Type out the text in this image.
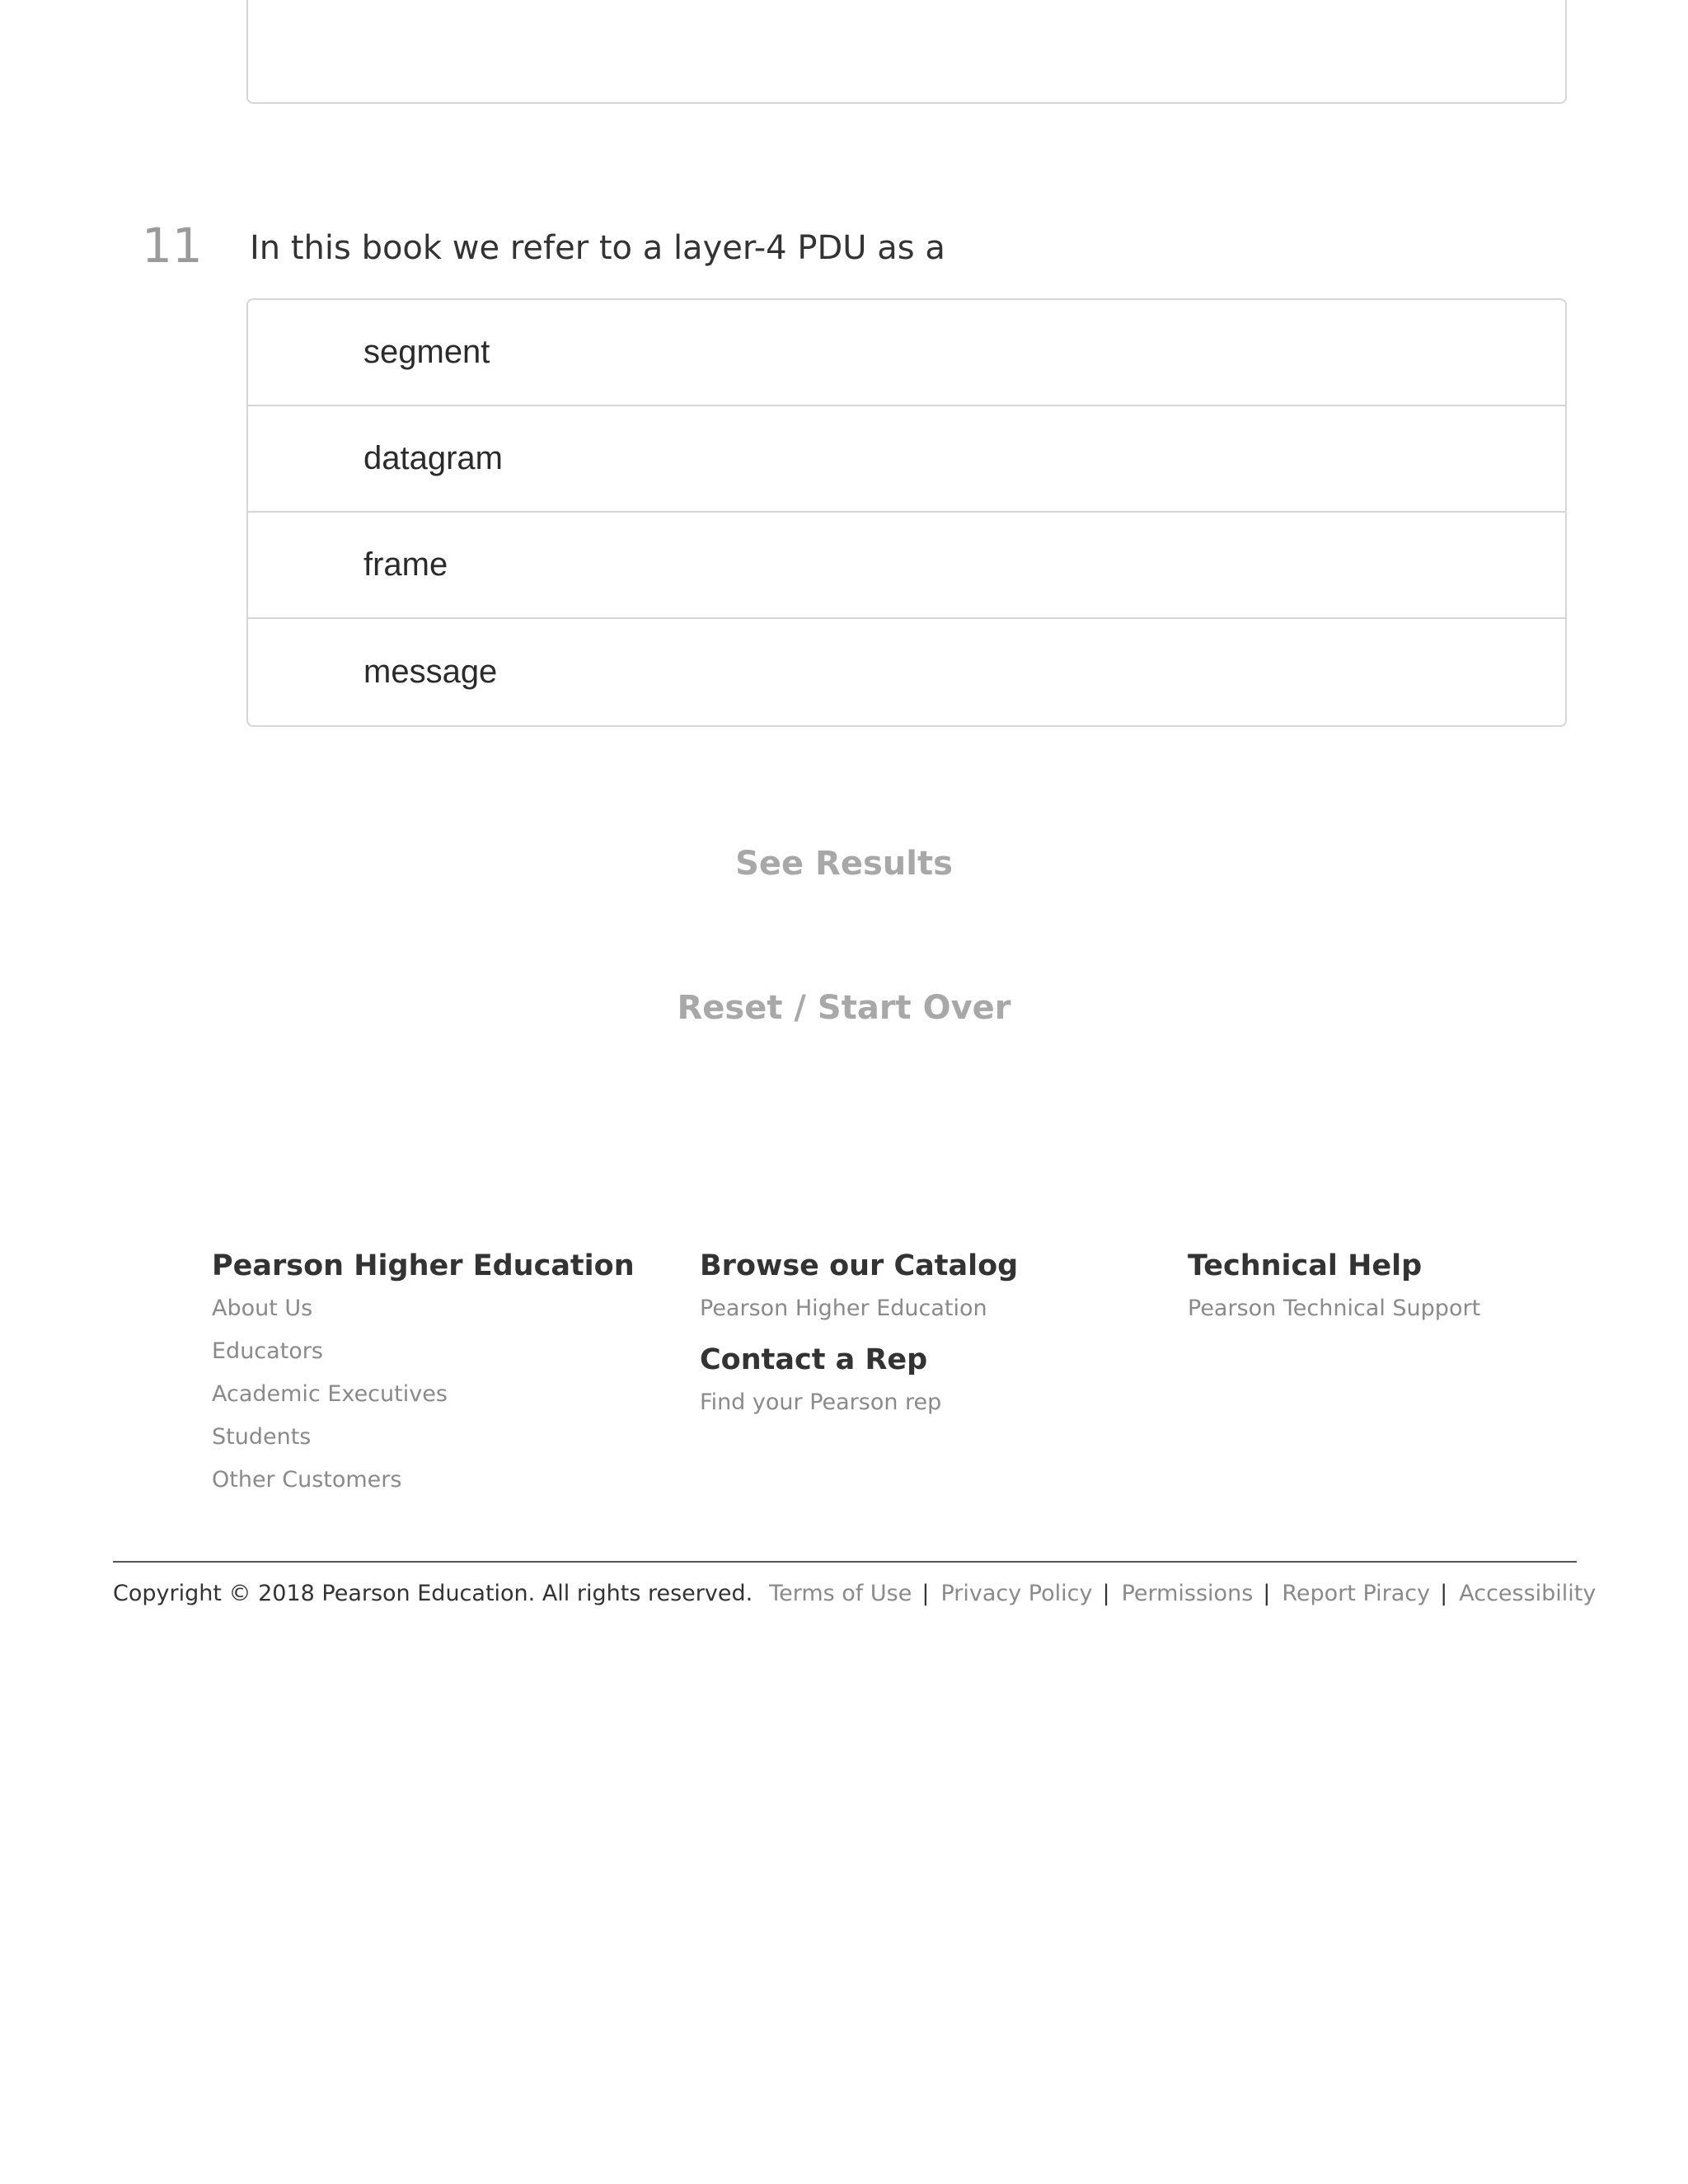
11 In this book we refer to a layer-4 PDU as a
segment
datagram
frame
message
See Results
Reset / Start Over
Pearson Higher Education
About Us
Educators
Academic Executives
Students
Other Customers
Browse our Catalog
Pearson Higher Education
Contact a Rep
Find your Pearson rep
Technical Help
Pearson Technical Support
Copyright © 2018 Pearson Education. All rights reserved. Terms of Use | Privacy Policy | Permissions | Report Piracy | Accessibility
